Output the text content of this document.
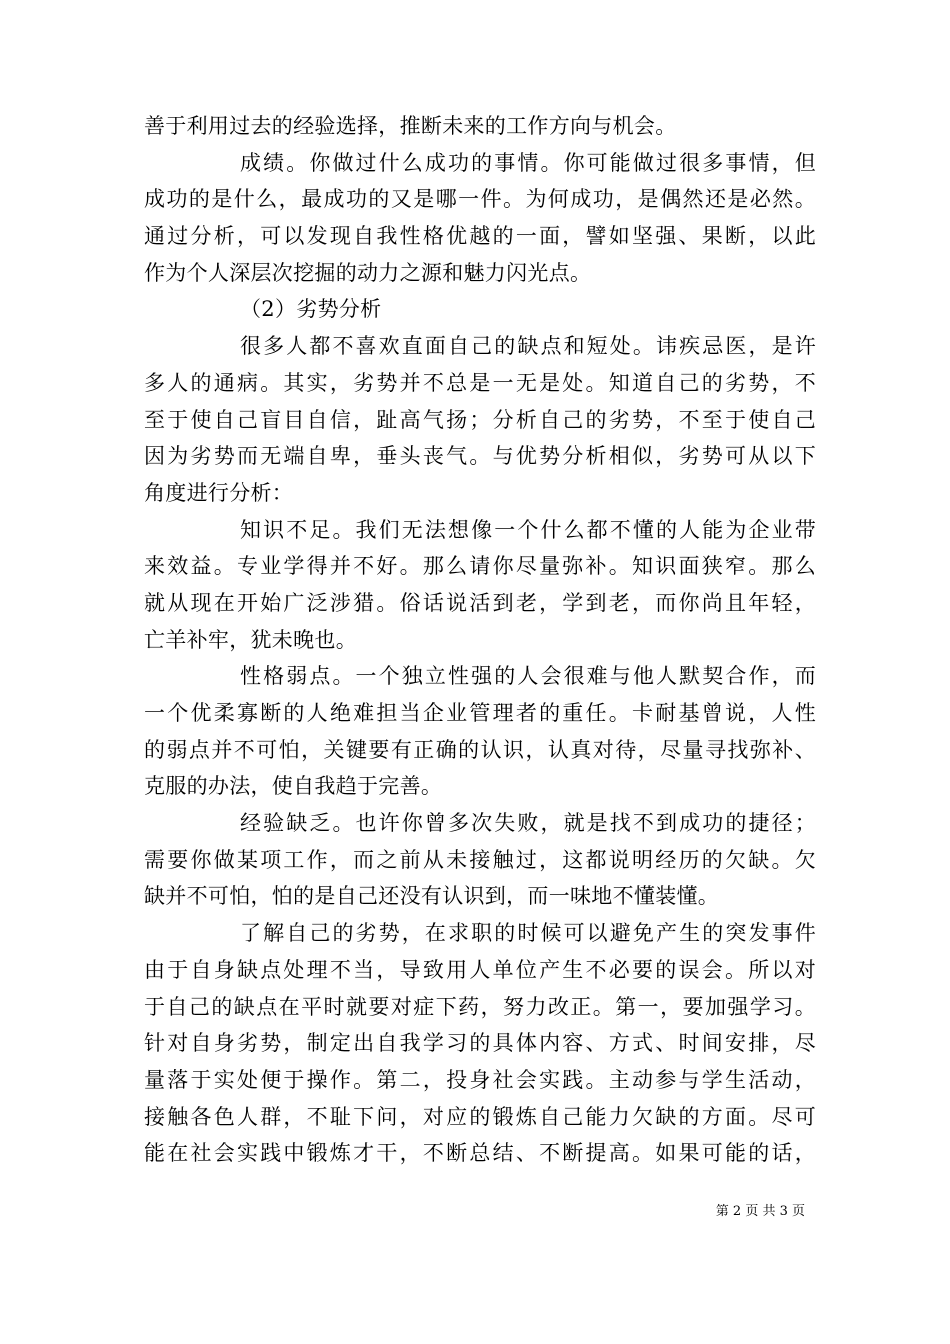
善于利用过去的经验选择，推断未来的工作方向与机会。
成绩。你做过什么成功的事情。你可能做过很多事情，但
成功的是什么，最成功的又是哪一件。为何成功，是偶然还是必然。
通过分析，可以发现自我性格优越的一面，譬如坚强、果断，以此
作为个人深层次挖掘的动力之源和魅力闪光点。
（2）劣势分析
很多人都不喜欢直面自己的缺点和短处。讳疾忌医，是许
多人的通病。其实，劣势并不总是一无是处。知道自己的劣势，不
至于使自己盲目自信，趾高气扬；分析自己的劣势，不至于使自己
因为劣势而无端自卑，垂头丧气。与优势分析相似，劣势可从以下
角度进行分析：
知识不足。我们无法想像一个什么都不懂的人能为企业带
来效益。专业学得并不好。那么请你尽量弥补。知识面狭窄。那么
就从现在开始广泛涉猎。俗话说活到老，学到老，而你尚且年轻，
亡羊补牢，犹未晚也。
性格弱点。一个独立性强的人会很难与他人默契合作，而
一个优柔寡断的人绝难担当企业管理者的重任。卡耐基曾说，人性
的弱点并不可怕，关键要有正确的认识，认真对待，尽量寻找弥补、
克服的办法，使自我趋于完善。
经验缺乏。也许你曾多次失败，就是找不到成功的捷径；
需要你做某项工作，而之前从未接触过，这都说明经历的欠缺。欠
缺并不可怕，怕的是自己还没有认识到，而一味地不懂装懂。
了解自己的劣势，在求职的时候可以避免产生的突发事件
由于自身缺点处理不当，导致用人单位产生不必要的误会。所以对
于自己的缺点在平时就要对症下药，努力改正。第一，要加强学习。
针对自身劣势，制定出自我学习的具体内容、方式、时间安排，尽
量落于实处便于操作。第二，投身社会实践。主动参与学生活动，
接触各色人群，不耻下问，对应的锻炼自己能力欠缺的方面。尽可
能在社会实践中锻炼才干，不断总结、不断提高。如果可能的话，
第 2 页 共 3 页
